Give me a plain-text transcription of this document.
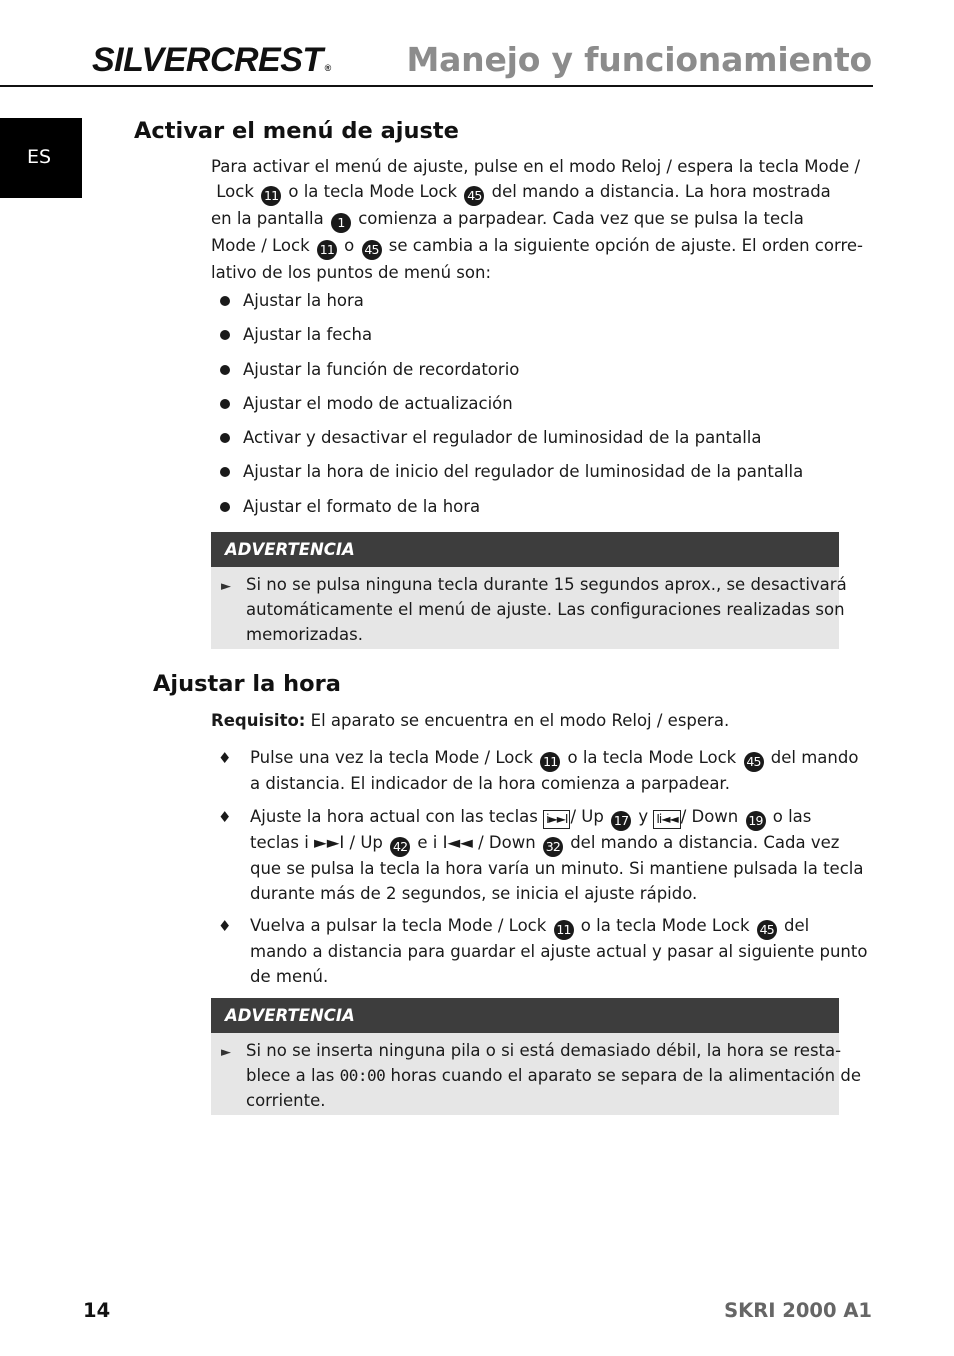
SILVERCREST ® Manejo y funcionamiento
ES
Activar el menú de ajuste
Para activar el menú de ajuste, pulse en el modo Reloj / espera la tecla Mode /
Lock 11 o la tecla Mode Lock 45 del mando a distancia. La hora mostrada
en la pantalla 1 comienza a parpadear. Cada vez que se pulsa la tecla
Mode / Lock 11 o 45 se cambia a la siguiente opción de ajuste. El orden corre-
lativo de los puntos de menú son:
Ajustar la hora
Ajustar la fecha
Ajustar la función de recordatorio
Ajustar el modo de actualización
Activar y desactivar el regulador de luminosidad de la pantalla
Ajustar la hora de inicio del regulador de luminosidad de la pantalla
Ajustar el formato de la hora
ADVERTENCIA
► Si no se pulsa ninguna tecla durante 15 segundos aprox., se desactivará
automáticamente el menú de ajuste. Las configuraciones realizadas son
memorizadas.
Ajustar la hora
Requisito: El aparato se encuentra en el modo Reloj / espera.
♦ Pulse una vez la tecla Mode / Lock 11 o la tecla Mode Lock 45 del mando
a distancia. El indicador de la hora comienza a parpadear.
♦ Ajuste la hora actual con las teclas i►►I / Up 17 y Ii◄◄ / Down 19 o las
teclas i ►►I / Up 42 e i I◄◄ / Down 32 del mando a distancia. Cada vez
que se pulsa la tecla la hora varía un minuto. Si mantiene pulsada la tecla
durante más de 2 segundos, se inicia el ajuste rápido.
♦ Vuelva a pulsar la tecla Mode / Lock 11 o la tecla Mode Lock 45 del
mando a distancia para guardar el ajuste actual y pasar al siguiente punto
de menú.
ADVERTENCIA
► Si no se inserta ninguna pila o si está demasiado débil, la hora se resta-
blece a las 00:00 horas cuando el aparato se separa de la alimentación de
corriente.
14	SKRI 2000 A1
